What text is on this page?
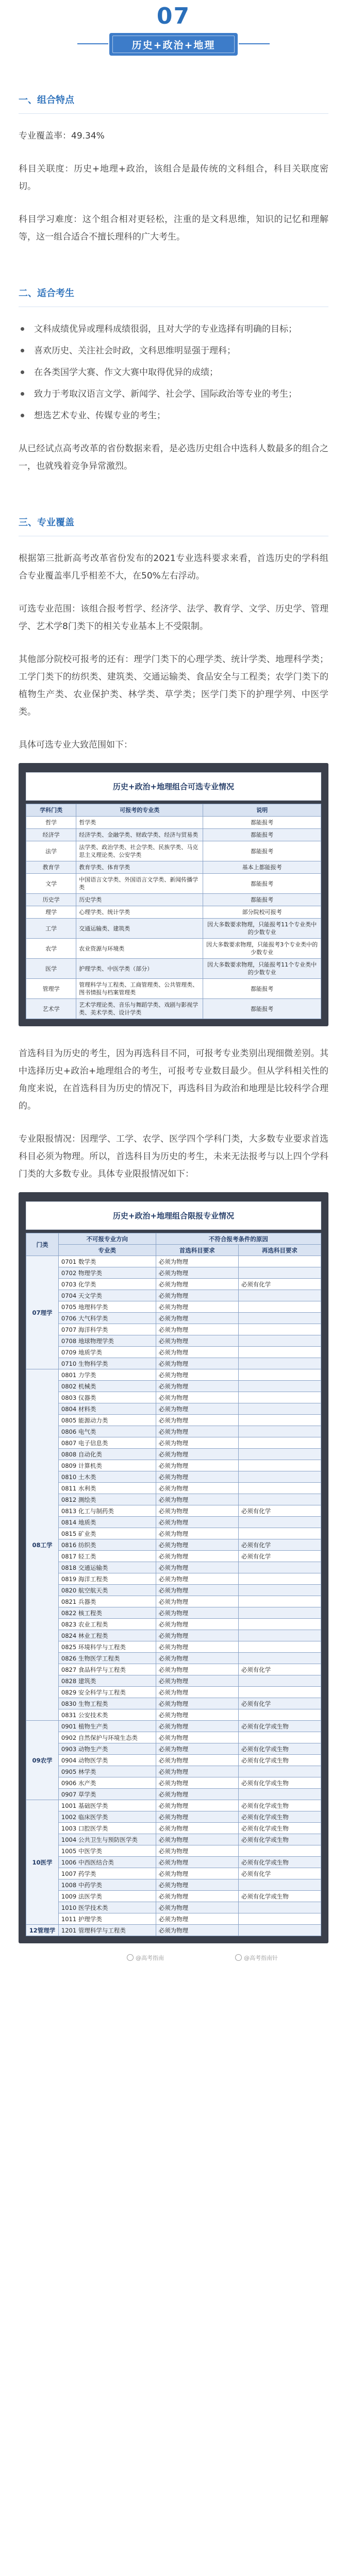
07
历史+政治+地理
一、组合特点

专业覆盖率：49.34%

科目关联度：历史+地理+政治，该组合是最传统的文科组合，科目关联度密切。

科目学习难度：这个组合相对更轻松，注重的是文科思维，知识的记忆和理解等，这一组合适合不擅长理科的广大考生。

二、适合考生
文科成绩优异或理科成绩很弱，且对大学的专业选择有明确的目标；
喜欢历史、关注社会时政，文科思维明显强于理科；
在各类国学大赛、作文大赛中取得优异的成绩；
致力于考取汉语言文学、新闻学、社会学、国际政治等专业的考生；
想选艺术专业、传媒专业的考生；

从已经试点高考改革的省份数据来看，是必选历史组合中选科人数最多的组合之一，也就残着竞争异常激烈。

三、专业覆盖

根据第三批新高考改革省份发布的2021专业选科要求来看，首选历史的学科组合专业覆盖率几乎相差不大，在50%左右浮动。

可选专业范围：该组合报考哲学、经济学、法学、教育学、文学、历史学、管理学、艺术学8门类下的相关专业基本上不受限制。

其他部分院校可报考的还有：理学门类下的心理学类、统计学类、地理科学类；工学门类下的纺织类、建筑类、交通运输类、食品安全与工程类；农学门类下的植物生产类、农业保护类、林学类、草学类；医学门类下的护理学列、中医学类。

具体可选专业大致范围如下：

历史+政治+地理组合可选专业情况
学科门类	可报考的专业类	说明
哲学	哲学类	都能报考
经济学	经济学类、金融学类、财政学类、经济与贸易类	都能报考
法学	法学类、政治学类、社会学类、民族学类、马克思主义理论类、公安学类	都能报考
教育学	教育学类、体育学类	基本上都能报考
文学	中国语言文学类、外国语言文学类、新闻传播学类	都能报考
历史学	历史学类	都能报考
理学	心理学类、统计学类	部分院校可报考
工学	交通运输类、建筑类	因大多数要求物理，只能报考11个专业类中的少数专业
农学	农业资源与环境类	因大多数要求物理，只能报考3个专业类中的少数专业
医学	护理学类、中医学类（部分）	因大多数要求物理，只能报考11个专业类中的少数专业
管理学	管理科学与工程类、工商管理类、公共管理类、图书情报与档案管理类	都能报考
艺术学	艺术学理论类、音乐与舞蹈学类、戏剧与影视学类、美术学类、设计学类	都能报考

首选科目为历史的考生，因为再选科目不同，可报考专业类别出现细微差别。其中选择历史+政治+地理组合的考生，可报考专业数目最少。但从学科相关性的角度来说，在首选科目为历史的情况下，再选科目为政治和地理是比较科学合理的。

专业限报情况：因理学、工学、农学、医学四个学科门类，大多数专业要求首选科目必须为物理。所以，首选科目为历史的考生，未来无法报考与以上四个学科门类的大多数专业。具体专业限报情况如下：

历史+政治+地理组合限报专业情况
门类	不可报专业方向	不符合报考条件的原因	
	专业类	首选科目要求	再选科目要求
07理学	0701 数学类	必须为物理	
	0702 物理学类	必须为物理	
	0703 化学类	必须为物理	必须有化学
	0704 天文学类	必须为物理	
	0705 地理科学类	必须为物理	
	0706 大气科学类	必须为物理	
	0707 海洋科学类	必须为物理	
	0708 地球物理学类	必须为物理	
	0709 地质学类	必须为物理	
	0710 生物科学类	必须为物理	
08工学	0801 力学类	必须为物理	
	0802 机械类	必须为物理	
	0803 仪器类	必须为物理	
	0804 材料类	必须为物理	
	0805 能源动力类	必须为物理	
	0806 电气类	必须为物理	
	0807 电子信息类	必须为物理	
	0808 自动化类	必须为物理	
	0809 计算机类	必须为物理	
	0810 土木类	必须为物理	
	0811 水利类	必须为物理	
	0812 测绘类	必须为物理	
	0813 化工与制药类	必须为物理	必须有化学
	0814 地质类	必须为物理	
	0815 矿业类	必须为物理	
	0816 纺织类	必须为物理	必须有化学
	0817 轻工类	必须为物理	必须有化学
	0818 交通运输类	必须为物理	
	0819 海洋工程类	必须为物理	
	0820 航空航天类	必须为物理	
	0821 兵器类	必须为物理	
	0822 核工程类	必须为物理	
	0823 农业工程类	必须为物理	
	0824 林业工程类	必须为物理	
	0825 环境科学与工程类	必须为物理	
	0826 生物医学工程类	必须为物理	
	0827 食品科学与工程类	必须为物理	必须有化学
	0828 建筑类	必须为物理	
	0829 安全科学与工程类	必须为物理	
	0830 生物工程类	必须为物理	必须有化学
	0831 公安技术类	必须为物理	
09农学	0901 植物生产类	必须为物理	必须有化学或生物
	0902 自然保护与环境生态类	必须为物理	
	0903 动物生产类	必须为物理	必须有化学或生物
	0904 动物医学类	必须为物理	必须有化学或生物
	0905 林学类	必须为物理	
	0906 水产类	必须为物理	必须有化学或生物
	0907 草学类	必须为物理	
10医学	1001 基础医学类	必须为物理	必须有化学或生物
	1002 临床医学类	必须为物理	必须有化学或生物
	1003 口腔医学类	必须为物理	必须有化学或生物
	1004 公共卫生与预防医学类	必须为物理	必须有化学或生物
	1005 中医学类	必须为物理	
	1006 中西医结合类	必须为物理	必须有化学或生物
	1007 药学类	必须为物理	必须有化学
	1008 中药学类	必须为物理	
	1009 法医学类	必须为物理	必须有化学或生物
	1010 医学技术类	必须为物理	
	1011 护理学类	必须为物理	
12管理学	1201 管理科学与工程类	必须为物理	
@高考指南	@高考指南针
